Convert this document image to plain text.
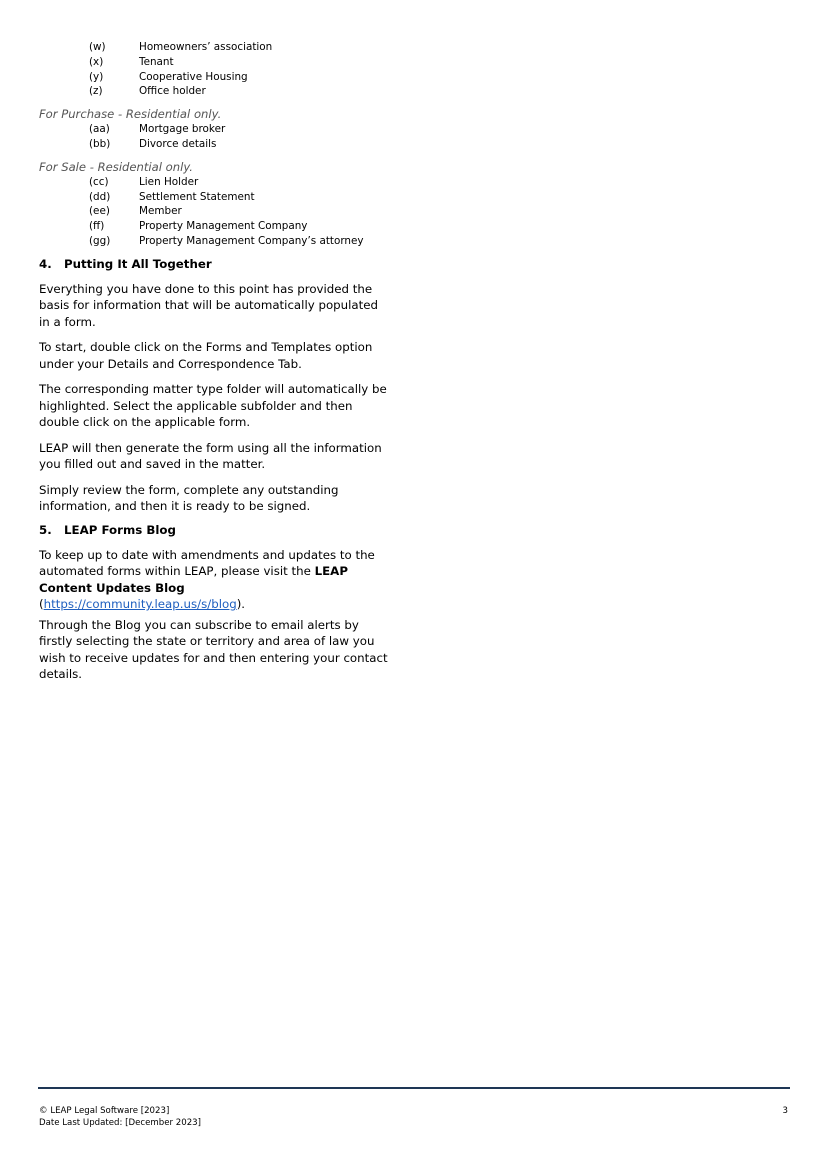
(w)	Homeowners’ association
(x)	Tenant
(y)	Cooperative Housing
(z)	Office holder

For Purchase - Residential only.

(aa)	Mortgage broker
(bb)	Divorce details

For Sale - Residential only.

(cc)	Lien Holder
(dd)	Settlement Statement
(ee)	Member
(ff)	Property Management Company
(gg)	Property Management Company’s attorney
4.	Putting It All Together

Everything you have done to this point has provided the basis for information that will be automatically populated in a form.

To start, double click on the Forms and Templates option under your Details and Correspondence Tab.

The corresponding matter type folder will automatically be highlighted. Select the applicable subfolder and then double click on the applicable form.

LEAP will then generate the form using all the information you filled out and saved in the matter.

Simply review the form, complete any outstanding information, and then it is ready to be signed.

5.	LEAP Forms Blog

To keep up to date with amendments and updates to the automated forms within LEAP, please visit the LEAP Content Updates Blog (https://community.leap.us/s/blog).

Through the Blog you can subscribe to email alerts by firstly selecting the state or territory and area of law you wish to receive updates for and then entering your contact details.

© LEAP Legal Software [2023]
Date Last Updated: [December 2023]
3
